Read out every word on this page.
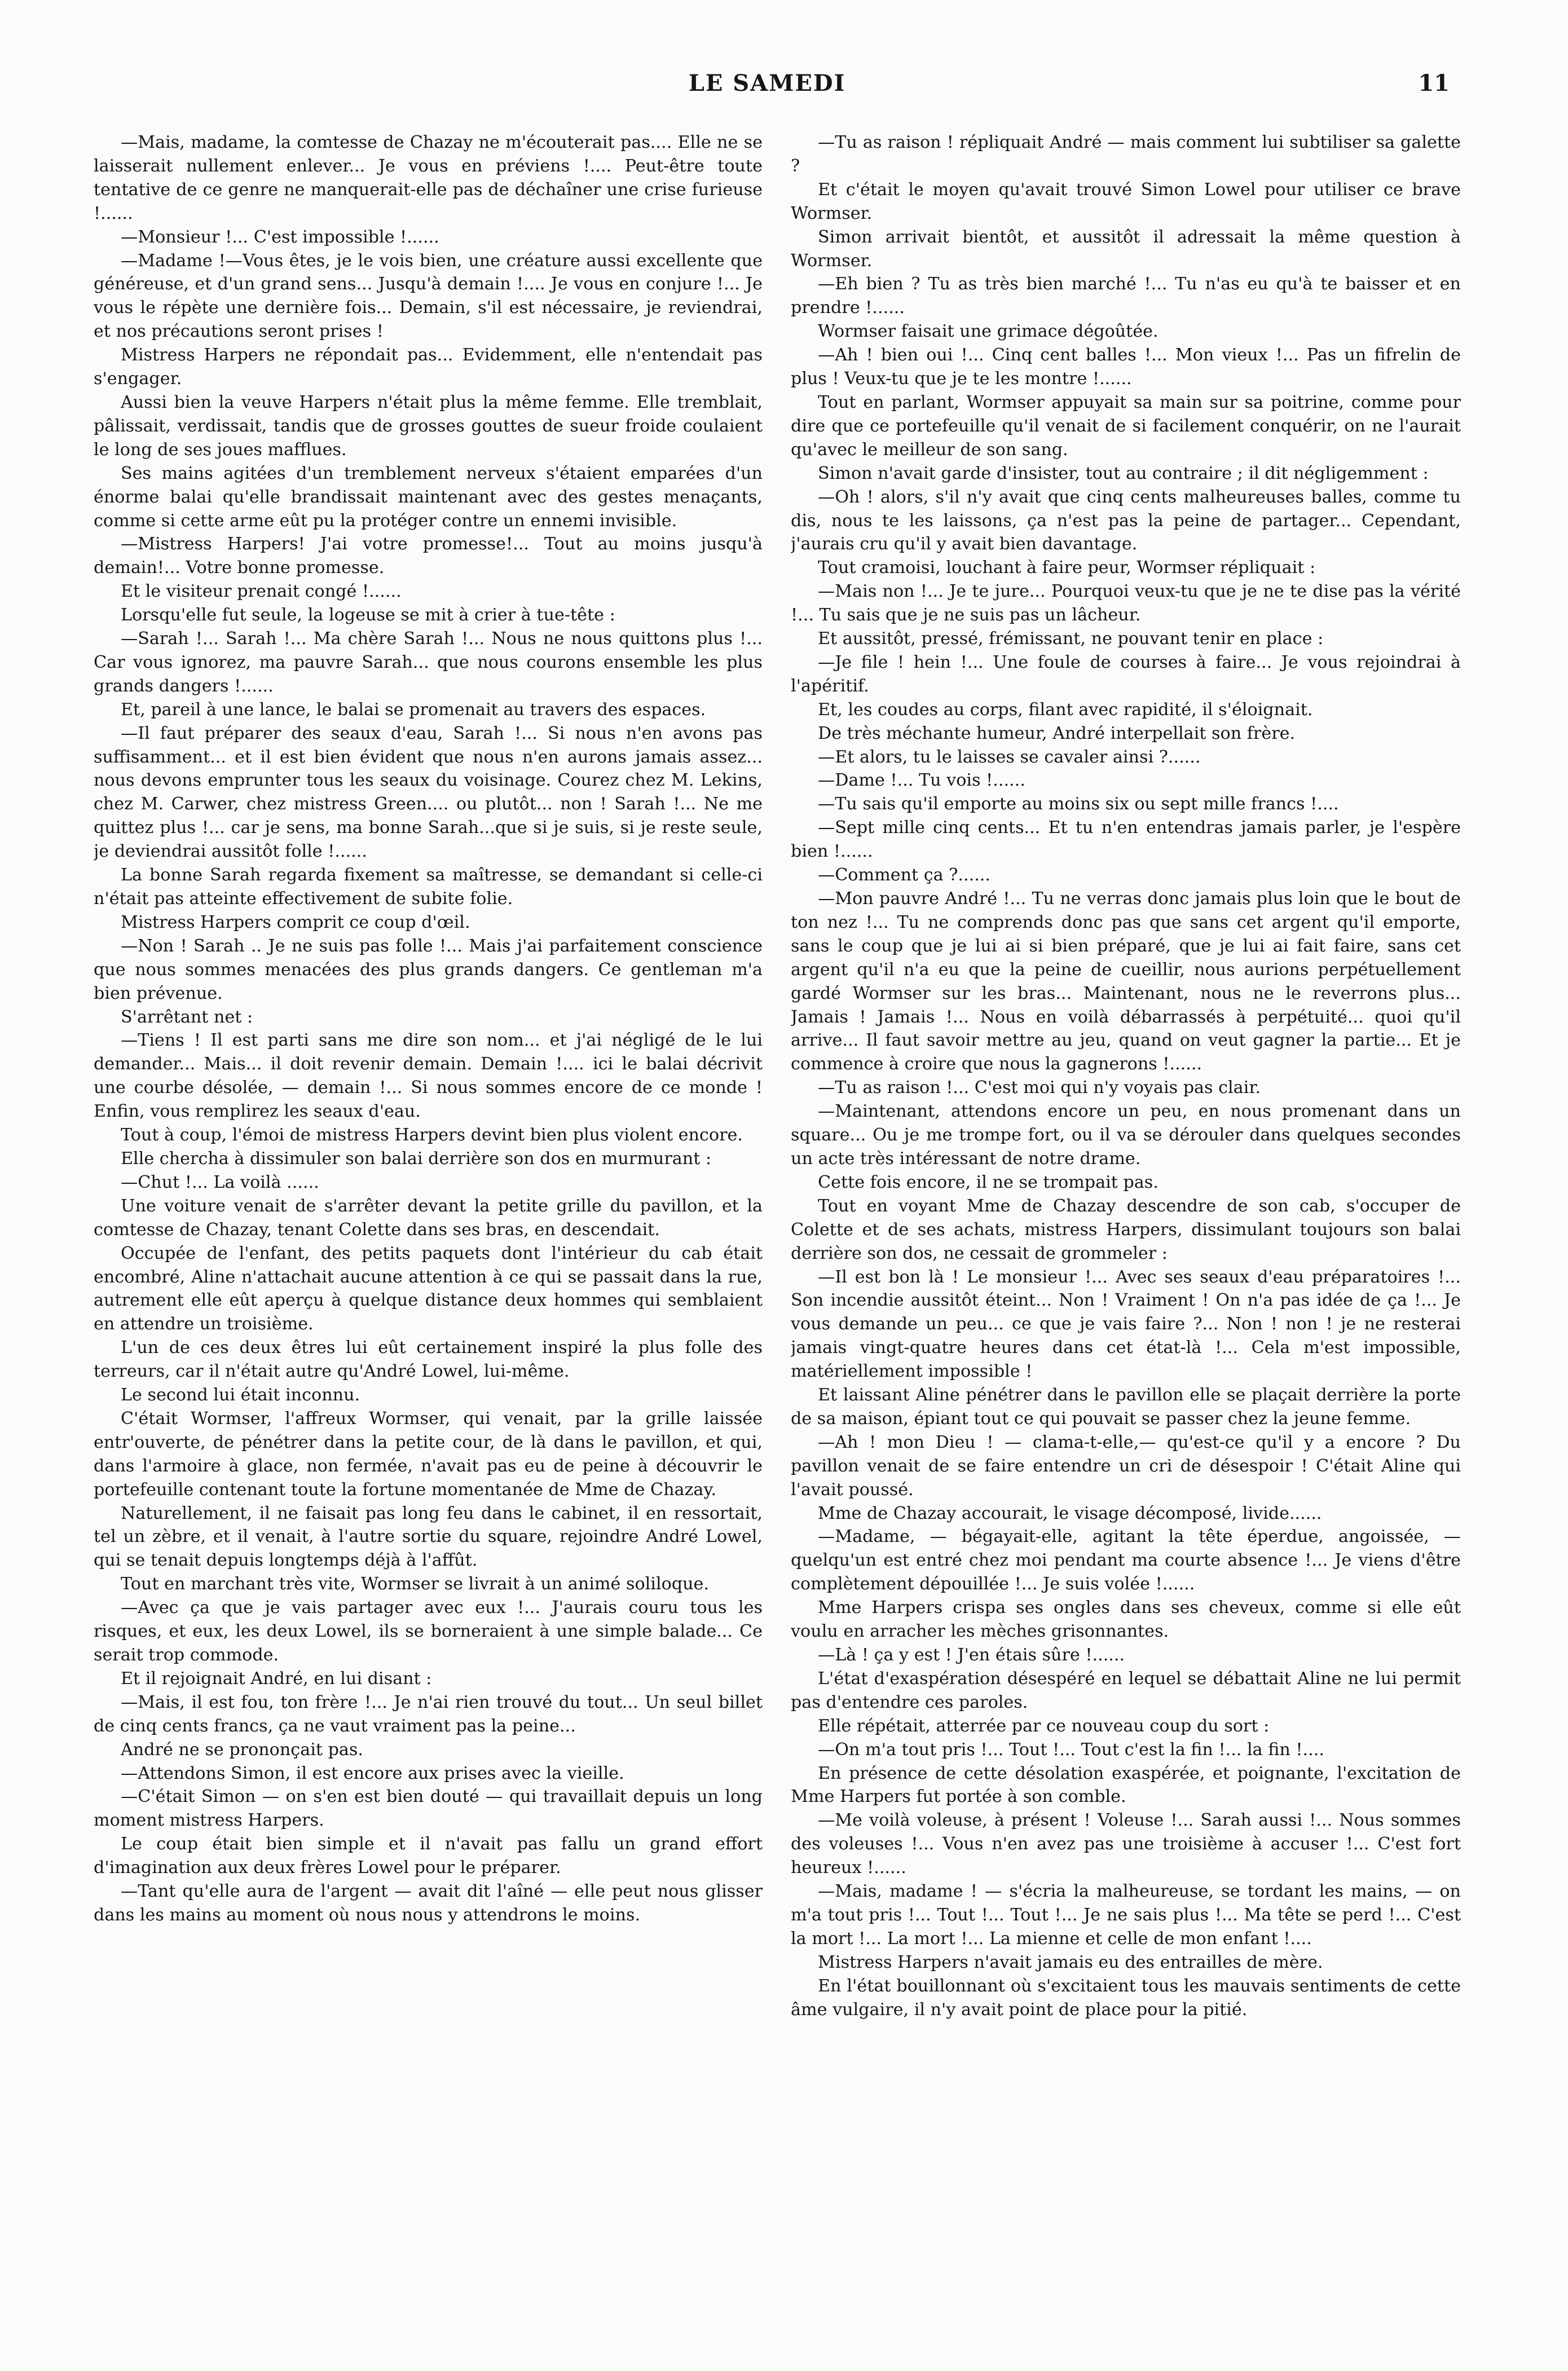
LE SAMEDI	11

—Mais, madame, la comtesse de Chazay ne m'écouterait pas.... Elle ne se laisserait nullement enlever... Je vous en préviens !.... Peut-être toute tentative de ce genre ne manquerait-elle pas de déchaîner une crise furieuse !......

—Monsieur !... C'est impossible !......

—Madame !—Vous êtes, je le vois bien, une créature aussi excellente que généreuse, et d'un grand sens... Jusqu'à demain !.... Je vous en conjure !... Je vous le répète une dernière fois... Demain, s'il est nécessaire, je reviendrai, et nos précautions seront prises !

Mistress Harpers ne répondait pas... Evidemment, elle n'entendait pas s'engager.

Aussi bien la veuve Harpers n'était plus la même femme. Elle tremblait, pâlissait, verdissait, tandis que de grosses gouttes de sueur froide coulaient le long de ses joues mafflues.

Ses mains agitées d'un tremblement nerveux s'étaient emparées d'un énorme balai qu'elle brandissait maintenant avec des gestes menaçants, comme si cette arme eût pu la protéger contre un ennemi invisible.

—Mistress Harpers! J'ai votre promesse!... Tout au moins jusqu'à demain!... Votre bonne promesse.

Et le visiteur prenait congé !......

Lorsqu'elle fut seule, la logeuse se mit à crier à tue-tête :

—Sarah !... Sarah !... Ma chère Sarah !... Nous ne nous quittons plus !... Car vous ignorez, ma pauvre Sarah... que nous courons ensemble les plus grands dangers !......

Et, pareil à une lance, le balai se promenait au travers des espaces.

—Il faut préparer des seaux d'eau, Sarah !... Si nous n'en avons pas suffisamment... et il est bien évident que nous n'en aurons jamais assez... nous devons emprunter tous les seaux du voisinage. Courez chez M. Lekins, chez M. Carwer, chez mistress Green.... ou plutôt... non ! Sarah !... Ne me quittez plus !... car je sens, ma bonne Sarah...que si je suis, si je reste seule, je deviendrai aussitôt folle !......

La bonne Sarah regarda fixement sa maîtresse, se demandant si celle-ci n'était pas atteinte effectivement de subite folie.

Mistress Harpers comprit ce coup d'œil.

—Non ! Sarah .. Je ne suis pas folle !... Mais j'ai parfaitement conscience que nous sommes menacées des plus grands dangers. Ce gentleman m'a bien prévenue.

S'arrêtant net :

—Tiens ! Il est parti sans me dire son nom... et j'ai négligé de le lui demander... Mais... il doit revenir demain. Demain !.... ici le balai décrivit une courbe désolée, — demain !... Si nous sommes encore de ce monde ! Enfin, vous remplirez les seaux d'eau.

Tout à coup, l'émoi de mistress Harpers devint bien plus violent encore.

Elle chercha à dissimuler son balai derrière son dos en murmurant :

—Chut !... La voilà ......

Une voiture venait de s'arrêter devant la petite grille du pavillon, et la comtesse de Chazay, tenant Colette dans ses bras, en descendait.

Occupée de l'enfant, des petits paquets dont l'intérieur du cab était encombré, Aline n'attachait aucune attention à ce qui se passait dans la rue, autrement elle eût aperçu à quelque distance deux hommes qui semblaient en attendre un troisième.

L'un de ces deux êtres lui eût certainement inspiré la plus folle des terreurs, car il n'était autre qu'André Lowel, lui-même.

Le second lui était inconnu.

C'était Wormser, l'affreux Wormser, qui venait, par la grille laissée entr'ouverte, de pénétrer dans la petite cour, de là dans le pavillon, et qui, dans l'armoire à glace, non fermée, n'avait pas eu de peine à découvrir le portefeuille contenant toute la fortune momentanée de Mme de Chazay.

Naturellement, il ne faisait pas long feu dans le cabinet, il en ressortait, tel un zèbre, et il venait, à l'autre sortie du square, rejoindre André Lowel, qui se tenait depuis longtemps déjà à l'affût.

Tout en marchant très vite, Wormser se livrait à un animé soliloque.

—Avec ça que je vais partager avec eux !... J'aurais couru tous les risques, et eux, les deux Lowel, ils se borneraient à une simple balade... Ce serait trop commode.

Et il rejoignait André, en lui disant :

—Mais, il est fou, ton frère !... Je n'ai rien trouvé du tout... Un seul billet de cinq cents francs, ça ne vaut vraiment pas la peine...

André ne se prononçait pas.

—Attendons Simon, il est encore aux prises avec la vieille.

—C'était Simon — on s'en est bien douté — qui travaillait depuis un long moment mistress Harpers.

Le coup était bien simple et il n'avait pas fallu un grand effort d'imagination aux deux frères Lowel pour le préparer.

—Tant qu'elle aura de l'argent — avait dit l'aîné — elle peut nous glisser dans les mains au moment où nous nous y attendrons le moins.

—Tu as raison ! répliquait André — mais comment lui subtiliser sa galette ?

Et c'était le moyen qu'avait trouvé Simon Lowel pour utiliser ce brave Wormser.

Simon arrivait bientôt, et aussitôt il adressait la même question à Wormser.

—Eh bien ? Tu as très bien marché !... Tu n'as eu qu'à te baisser et en prendre !......

Wormser faisait une grimace dégoûtée.

—Ah ! bien oui !... Cinq cent balles !... Mon vieux !... Pas un fifrelin de plus ! Veux-tu que je te les montre !......

Tout en parlant, Wormser appuyait sa main sur sa poitrine, comme pour dire que ce portefeuille qu'il venait de si facilement conquérir, on ne l'aurait qu'avec le meilleur de son sang.

Simon n'avait garde d'insister, tout au contraire ; il dit négligemment :

—Oh ! alors, s'il n'y avait que cinq cents malheureuses balles, comme tu dis, nous te les laissons, ça n'est pas la peine de partager... Cependant, j'aurais cru qu'il y avait bien davantage.

Tout cramoisi, louchant à faire peur, Wormser répliquait :

—Mais non !... Je te jure... Pourquoi veux-tu que je ne te dise pas la vérité !... Tu sais que je ne suis pas un lâcheur.

Et aussitôt, pressé, frémissant, ne pouvant tenir en place :

—Je file ! hein !... Une foule de courses à faire... Je vous rejoindrai à l'apéritif.

Et, les coudes au corps, filant avec rapidité, il s'éloignait.

De très méchante humeur, André interpellait son frère.

—Et alors, tu le laisses se cavaler ainsi ?......

—Dame !... Tu vois !......

—Tu sais qu'il emporte au moins six ou sept mille francs !....

—Sept mille cinq cents... Et tu n'en entendras jamais parler, je l'espère bien !......

—Comment ça ?......

—Mon pauvre André !... Tu ne verras donc jamais plus loin que le bout de ton nez !... Tu ne comprends donc pas que sans cet argent qu'il emporte, sans le coup que je lui ai si bien préparé, que je lui ai fait faire, sans cet argent qu'il n'a eu que la peine de cueillir, nous aurions perpétuellement gardé Wormser sur les bras... Maintenant, nous ne le reverrons plus... Jamais ! Jamais !... Nous en voilà débarrassés à perpétuité... quoi qu'il arrive... Il faut savoir mettre au jeu, quand on veut gagner la partie... Et je commence à croire que nous la gagnerons !......

—Tu as raison !... C'est moi qui n'y voyais pas clair.

—Maintenant, attendons encore un peu, en nous promenant dans un square... Ou je me trompe fort, ou il va se dérouler dans quelques secondes un acte très intéressant de notre drame.

Cette fois encore, il ne se trompait pas.

Tout en voyant Mme de Chazay descendre de son cab, s'occuper de Colette et de ses achats, mistress Harpers, dissimulant toujours son balai derrière son dos, ne cessait de grommeler :

—Il est bon là ! Le monsieur !... Avec ses seaux d'eau préparatoires !... Son incendie aussitôt éteint... Non ! Vraiment ! On n'a pas idée de ça !... Je vous demande un peu... ce que je vais faire ?... Non ! non ! je ne resterai jamais vingt-quatre heures dans cet état-là !... Cela m'est impossible, matériellement impossible !

Et laissant Aline pénétrer dans le pavillon elle se plaçait derrière la porte de sa maison, épiant tout ce qui pouvait se passer chez la jeune femme.

—Ah ! mon Dieu ! — clama-t-elle,— qu'est-ce qu'il y a encore ? Du pavillon venait de se faire entendre un cri de désespoir ! C'était Aline qui l'avait poussé.

Mme de Chazay accourait, le visage décomposé, livide......

—Madame, — bégayait-elle, agitant la tête éperdue, angoissée, — quelqu'un est entré chez moi pendant ma courte absence !... Je viens d'être complètement dépouillée !... Je suis volée !......

Mme Harpers crispa ses ongles dans ses cheveux, comme si elle eût voulu en arracher les mèches grisonnantes.

—Là ! ça y est ! J'en étais sûre !......

L'état d'exaspération désespéré en lequel se débattait Aline ne lui permit pas d'entendre ces paroles.

Elle répétait, atterrée par ce nouveau coup du sort :

—On m'a tout pris !... Tout !... Tout c'est la fin !... la fin !....

En présence de cette désolation exaspérée, et poignante, l'excitation de Mme Harpers fut portée à son comble.

—Me voilà voleuse, à présent ! Voleuse !... Sarah aussi !... Nous sommes des voleuses !... Vous n'en avez pas une troisième à accuser !... C'est fort heureux !......

—Mais, madame ! — s'écria la malheureuse, se tordant les mains, — on m'a tout pris !... Tout !... Tout !... Je ne sais plus !... Ma tête se perd !... C'est la mort !... La mort !... La mienne et celle de mon enfant !....

Mistress Harpers n'avait jamais eu des entrailles de mère.

En l'état bouillonnant où s'excitaient tous les mauvais sentiments de cette âme vulgaire, il n'y avait point de place pour la pitié.
